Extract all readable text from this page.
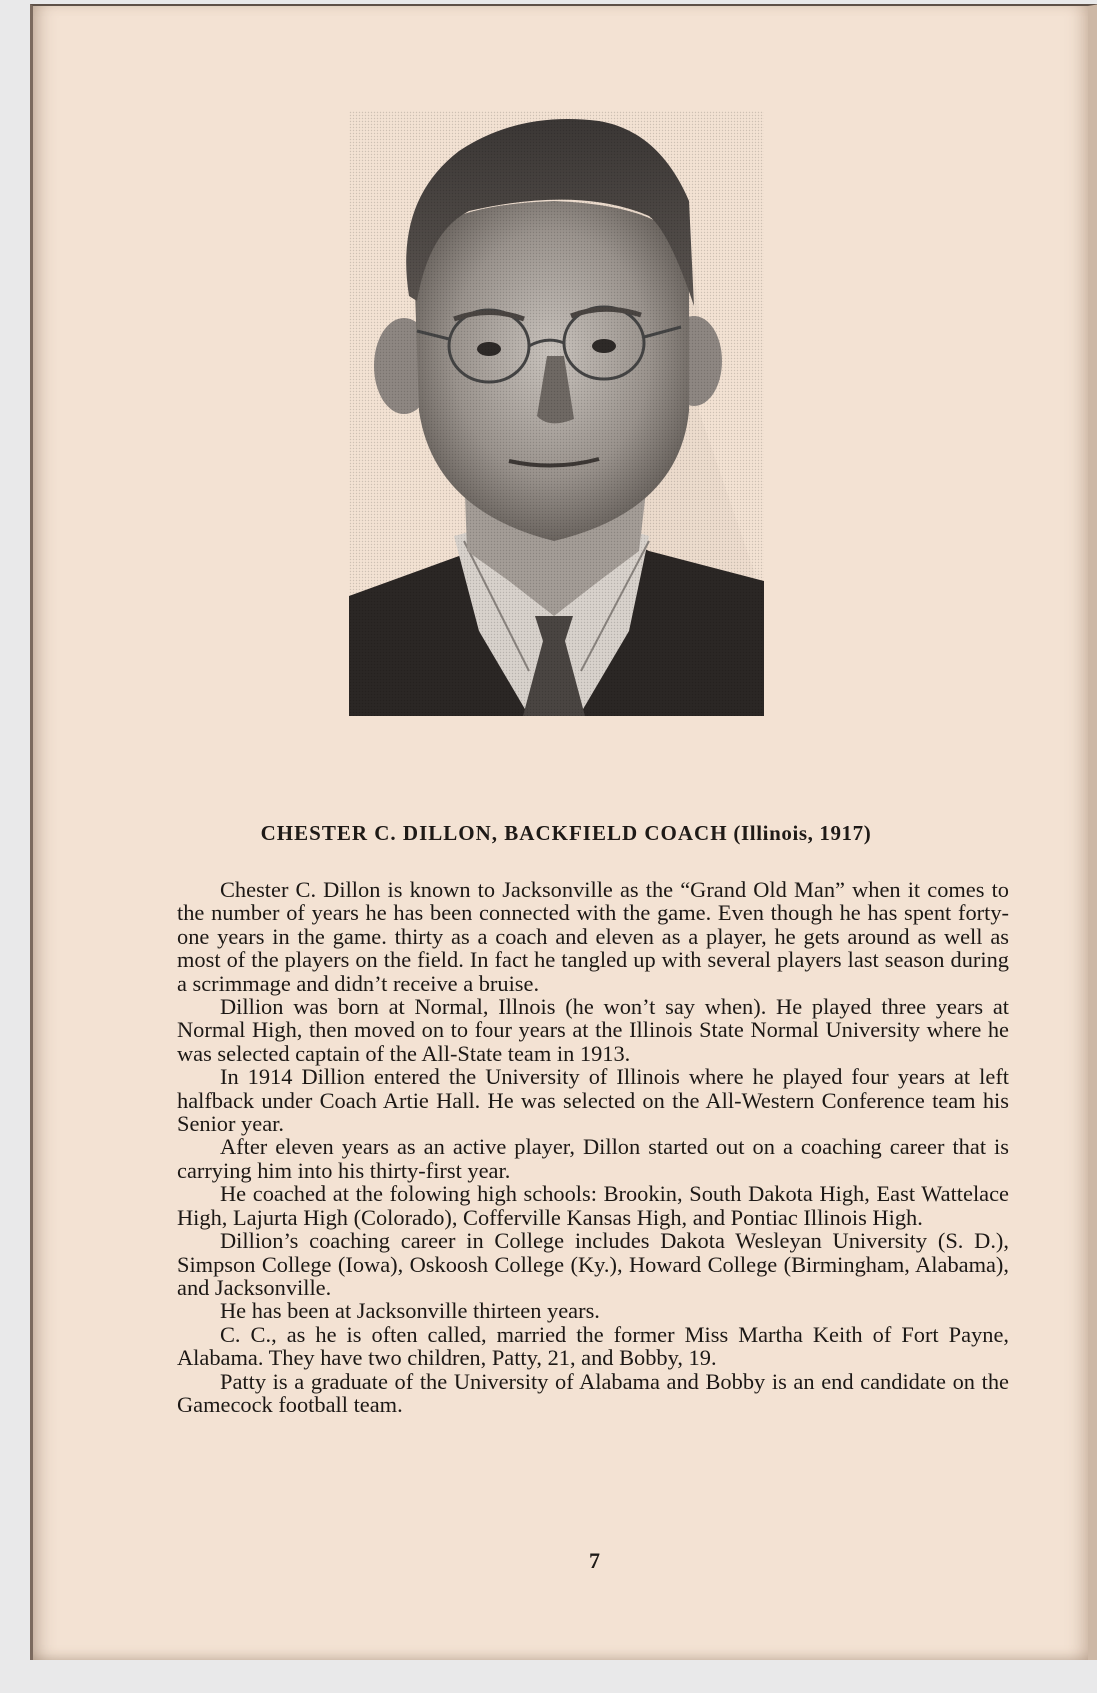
CHESTER C. DILLON, BACKFIELD COACH (Illinois, 1917)

Chester C. Dillon is known to Jacksonville as the “Grand Old Man” when it comes to the number of years he has been connected with the game. Even though he has spent forty-one years in the game. thirty as a coach and eleven as a player, he gets around as well as most of the players on the field. In fact he tangled up with several players last season during a scrimmage and didn’t receive a bruise.

Dillion was born at Normal, Illnois (he won’t say when). He played three years at Normal High, then moved on to four years at the Illinois State Normal University where he was selected captain of the All-State team in 1913.

In 1914 Dillion entered the University of Illinois where he played four years at left halfback under Coach Artie Hall. He was selected on the All-Western Conference team his Senior year.

After eleven years as an active player, Dillon started out on a coaching career that is carrying him into his thirty-first year.

He coached at the folowing high schools: Brookin, South Dakota High, East Wattelace High, Lajurta High (Colorado), Cofferville Kansas High, and Pontiac Illinois High.

Dillion’s coaching career in College includes Dakota Wesleyan University (S. D.), Simpson College (Iowa), Oskoosh College (Ky.), Howard College (Birmingham, Alabama), and Jacksonville.

He has been at Jacksonville thirteen years.

C. C., as he is often called, married the former Miss Martha Keith of Fort Payne, Alabama. They have two children, Patty, 21, and Bobby, 19.

Patty is a graduate of the University of Alabama and Bobby is an end candidate on the Gamecock football team.

7
